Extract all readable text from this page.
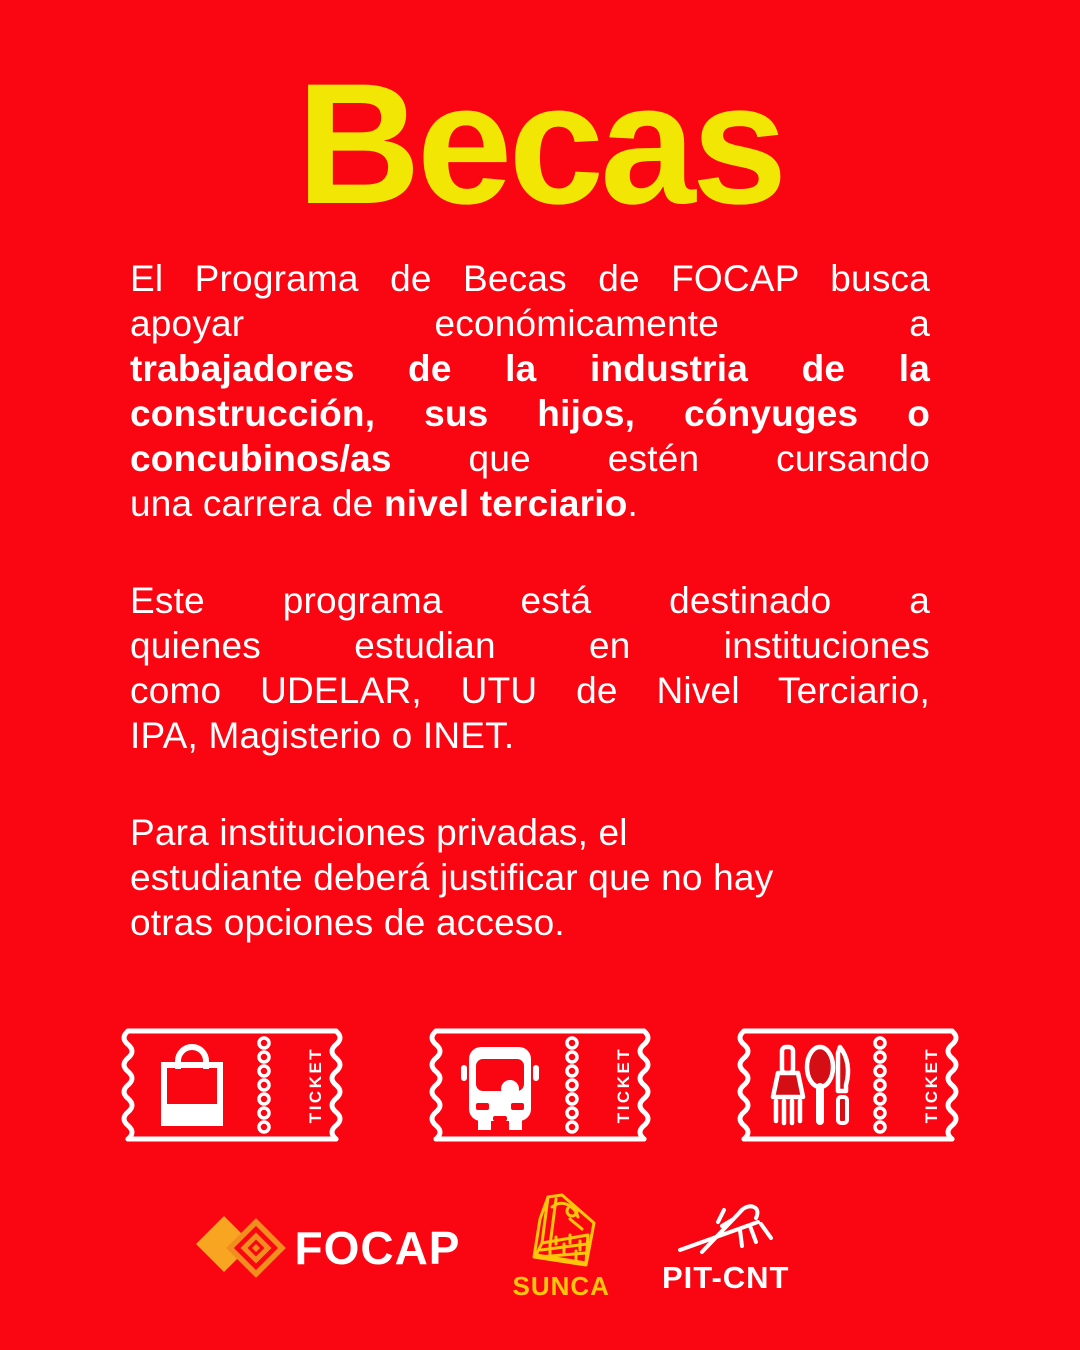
Becas
El Programa de Becas de FOCAP busca
apoyar económicamente a
trabajadores de la industria de la
construcción, sus hijos, cónyuges o
concubinos/as que estén cursando
una carrera de nivel terciario.
Este programa está destinado a
quienes estudian en instituciones
como UDELAR, UTU de Nivel Terciario,
IPA, Magisterio o INET.
Para instituciones privadas, el
estudiante deberá justificar que no hay
otras opciones de acceso.
TICKET	TICKET	TICKET
FOCAP
SUNCA PIT-CNT
